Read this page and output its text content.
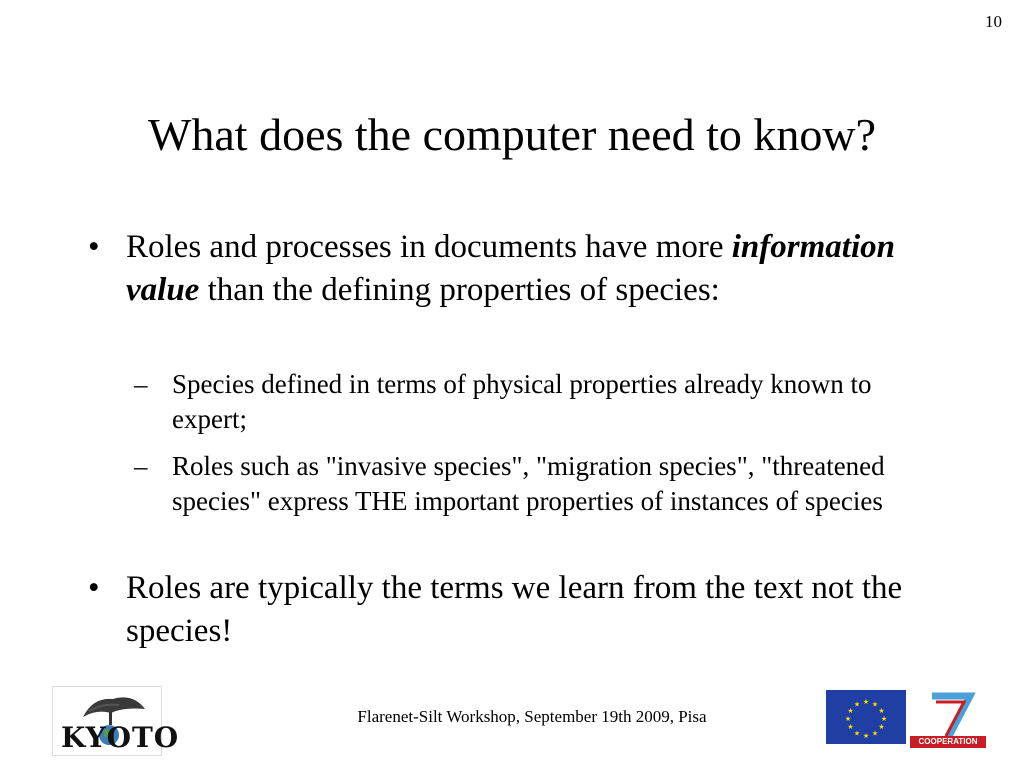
10
What does the computer need to know?
• Roles and processes in documents have more information value than the defining properties of species:
– Species defined in terms of physical properties already known to expert;
– Roles such as "invasive species", "migration species", "threatened species" express THE important properties of instances of species
• Roles are typically the terms we learn from the text not the species!
KYOTO
Flarenet-Silt Workshop, September 19th 2009, Pisa
★ ★
★
★
★
★
★
★
★
★
★
★
COOPERATION
